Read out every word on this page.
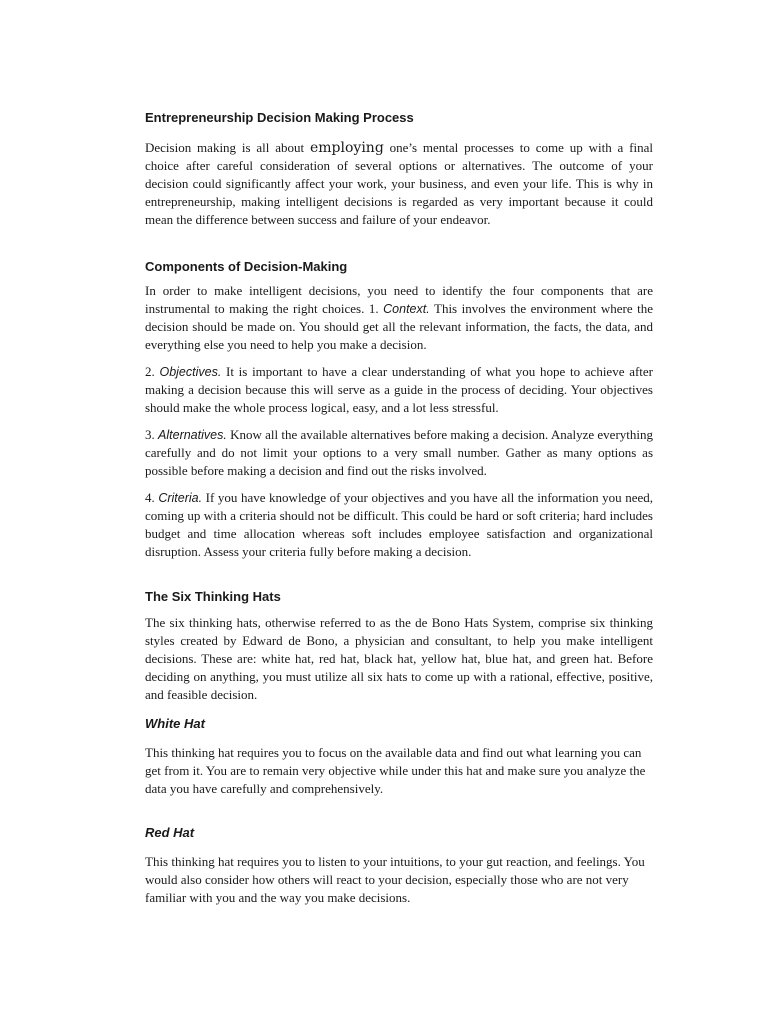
Entrepreneurship Decision Making Process

Decision making is all about employing one’s mental processes to come up with a final choice after careful consideration of several options or alternatives. The outcome of your decision could significantly affect your work, your business, and even your life. This is why in entrepreneurship, making intelligent decisions is regarded as very important because it could mean the difference between success and failure of your endeavor.

Components of Decision-Making

In order to make intelligent decisions, you need to identify the four components that are instrumental to making the right choices. 1. Context. This involves the environment where the decision should be made on. You should get all the relevant information, the facts, the data, and everything else you need to help you make a decision.

2. Objectives. It is important to have a clear understanding of what you hope to achieve after making a decision because this will serve as a guide in the process of deciding. Your objectives should make the whole process logical, easy, and a lot less stressful.

3. Alternatives. Know all the available alternatives before making a decision. Analyze everything carefully and do not limit your options to a very small number. Gather as many options as possible before making a decision and find out the risks involved.

4. Criteria. If you have knowledge of your objectives and you have all the information you need, coming up with a criteria should not be difficult. This could be hard or soft criteria; hard includes budget and time allocation whereas soft includes employee satisfaction and organizational disruption. Assess your criteria fully before making a decision.

The Six Thinking Hats

The six thinking hats, otherwise referred to as the de Bono Hats System, comprise six thinking styles created by Edward de Bono, a physician and consultant, to help you make intelligent decisions. These are: white hat, red hat, black hat, yellow hat, blue hat, and green hat. Before deciding on anything, you must utilize all six hats to come up with a rational, effective, positive, and feasible decision.

White Hat

This thinking hat requires you to focus on the available data and find out what learning you can get from it. You are to remain very objective while under this hat and make sure you analyze the data you have carefully and comprehensively.

Red Hat

This thinking hat requires you to listen to your intuitions, to your gut reaction, and feelings. You would also consider how others will react to your decision, especially those who are not very familiar with you and the way you make decisions.
